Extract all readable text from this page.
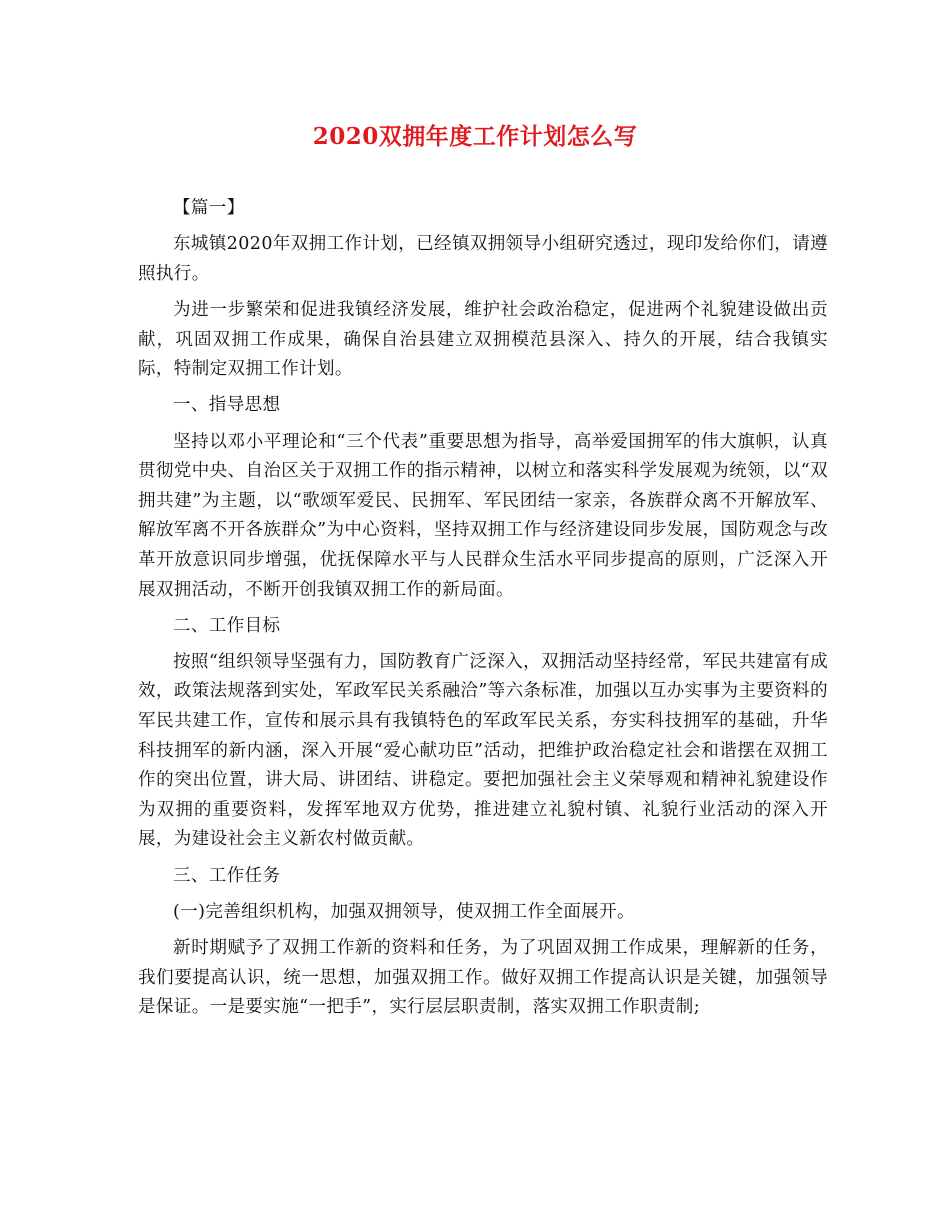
2020双拥年度工作计划怎么写

【篇一】

东城镇2020年双拥工作计划，已经镇双拥领导小组研究透过，现印发给你们，请遵照执行。

为进一步繁荣和促进我镇经济发展，维护社会政治稳定，促进两个礼貌建设做出贡献，巩固双拥工作成果，确保自治县建立双拥模范县深入、持久的开展，结合我镇实际，特制定双拥工作计划。

一、指导思想

坚持以邓小平理论和“三个代表”重要思想为指导，高举爱国拥军的伟大旗帜，认真贯彻党中央、自治区关于双拥工作的指示精神，以树立和落实科学发展观为统领，以“双拥共建”为主题，以“歌颂军爱民、民拥军、军民团结一家亲，各族群众离不开解放军、解放军离不开各族群众”为中心资料，坚持双拥工作与经济建设同步发展，国防观念与改革开放意识同步增强，优抚保障水平与人民群众生活水平同步提高的原则，广泛深入开展双拥活动，不断开创我镇双拥工作的新局面。

二、工作目标

按照“组织领导坚强有力，国防教育广泛深入，双拥活动坚持经常，军民共建富有成效，政策法规落到实处，军政军民关系融洽”等六条标准，加强以互办实事为主要资料的军民共建工作，宣传和展示具有我镇特色的军政军民关系，夯实科技拥军的基础，升华科技拥军的新内涵，深入开展“爱心献功臣”活动，把维护政治稳定社会和谐摆在双拥工作的突出位置，讲大局、讲团结、讲稳定。要把加强社会主义荣辱观和精神礼貌建设作为双拥的重要资料，发挥军地双方优势，推进建立礼貌村镇、礼貌行业活动的深入开展，为建设社会主义新农村做贡献。

三、工作任务

(一)完善组织机构，加强双拥领导，使双拥工作全面展开。

新时期赋予了双拥工作新的资料和任务，为了巩固双拥工作成果，理解新的任务，我们要提高认识，统一思想，加强双拥工作。做好双拥工作提高认识是关键，加强领导是保证。一是要实施“一把手”，实行层层职责制，落实双拥工作职责制;
